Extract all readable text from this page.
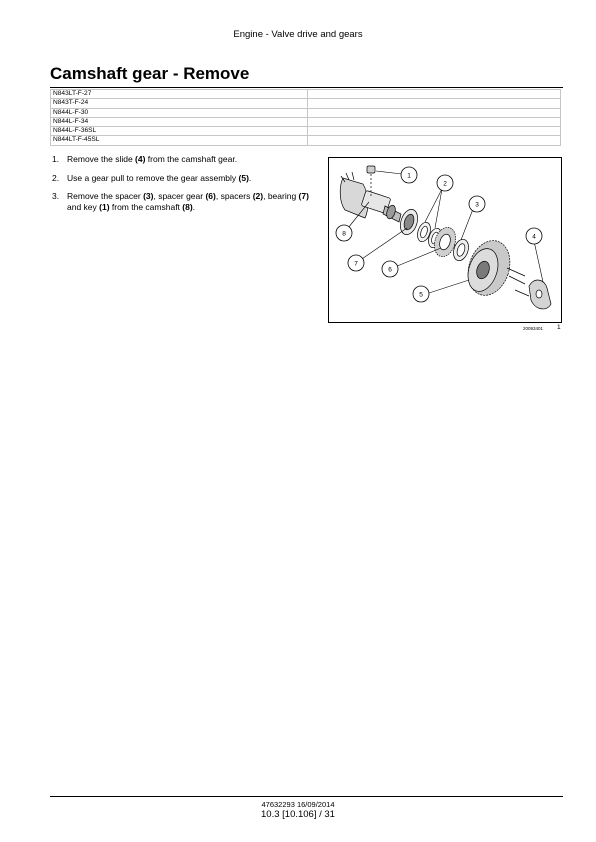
Engine - Valve drive and gears
Camshaft gear - Remove
N843LT-F-27	
N843T-F-24	
N844L-F-30	
N844L-F-34	
N844L-F-36SL	
N844LT-F-45SL	
1. Remove the slide (4) from the camshaft gear.
2. Use a gear pull to remove the gear assembly (5).
3. Remove the spacer (3), spacer gear (6), spacers (2), bearing (7) and key (1) from the camshaft (8).
1
2
3
4
5
6
7
8
20093401 1
47632293 16/09/2014
10.3 [10.106] / 31
